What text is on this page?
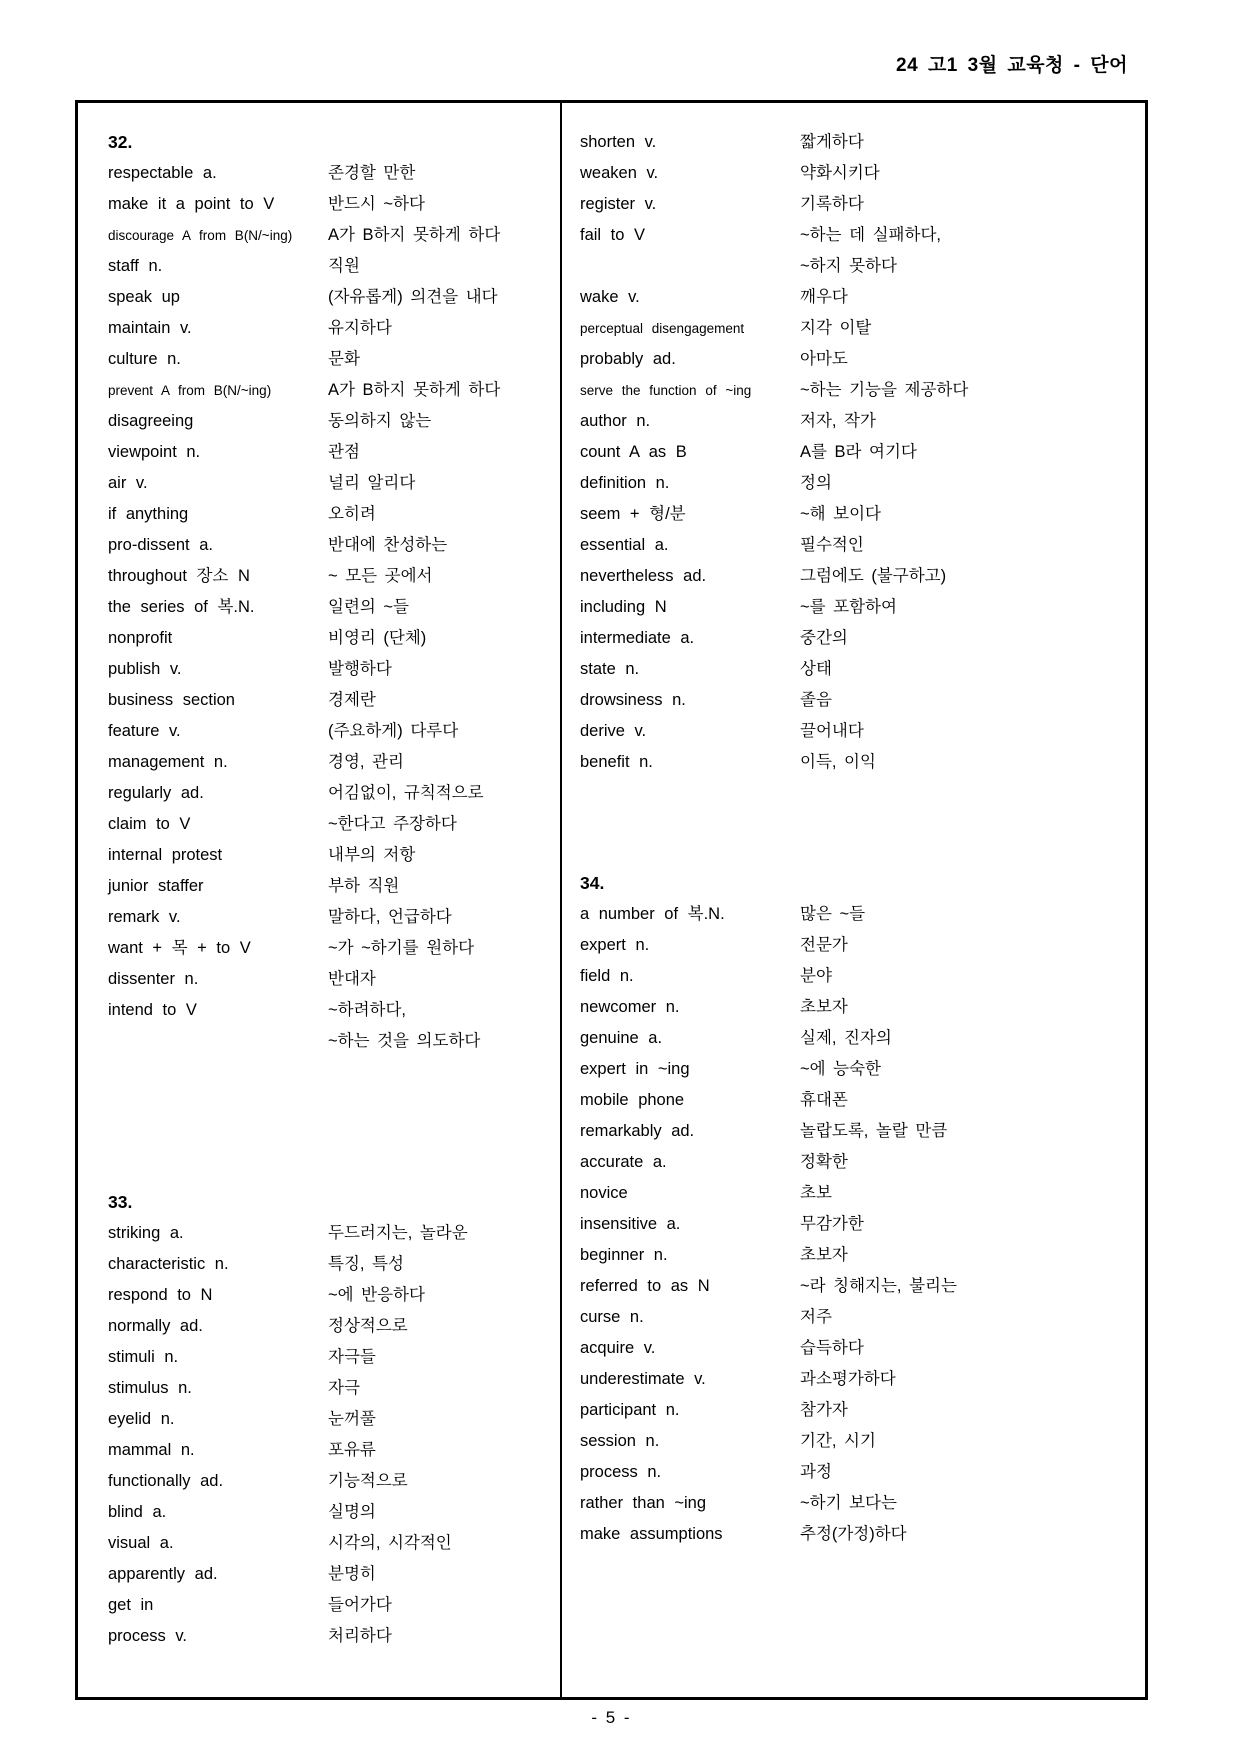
24 고1 3월 교육청 - 단어
32.
respectable a.	존경할 만한
make it a point to V	반드시 ~하다
discourage A from B(N/~ing)	A가 B하지 못하게 하다
staff n.	직원
speak up	(자유롭게) 의견을 내다
maintain v.	유지하다
culture n.	문화
prevent A from B(N/~ing)	A가 B하지 못하게 하다
disagreeing	동의하지 않는
viewpoint n.	관점
air v.	널리 알리다
if anything	오히려
pro-dissent a.	반대에 찬성하는
throughout 장소 N	~ 모든 곳에서
the series of 복.N.	일련의 ~들
nonprofit	비영리 (단체)
publish v.	발행하다
business section	경제란
feature v.	(주요하게) 다루다
management n.	경영, 관리
regularly ad.	어김없이, 규칙적으로
claim to V	~한다고 주장하다
internal protest	내부의 저항
junior staffer	부하 직원
remark v.	말하다, 언급하다
want + 목 + to V	~가 ~하기를 원하다
dissenter n.	반대자
intend to V	~하려하다,
~하는 것을 의도하다
33.
striking a.	두드러지는, 놀라운
characteristic n.	특징, 특성
respond to N	~에 반응하다
normally ad.	정상적으로
stimuli n.	자극들
stimulus n.	자극
eyelid n.	눈꺼풀
mammal n.	포유류
functionally ad.	기능적으로
blind a.	실명의
visual a.	시각의, 시각적인
apparently ad.	분명히
get in	들어가다
process v.	처리하다
shorten v.	짧게하다
weaken v.	약화시키다
register v.	기록하다
fail to V	~하는 데 실패하다,
~하지 못하다
wake v.	깨우다
perceptual disengagement	지각 이탈
probably ad.	아마도
serve the function of ~ing	~하는 기능을 제공하다
author n.	저자, 작가
count A as B	A를 B라 여기다
definition n.	정의
seem + 형/분	~해 보이다
essential a.	필수적인
nevertheless ad.	그럼에도 (불구하고)
including N	~를 포함하여
intermediate a.	중간의
state n.	상태
drowsiness n.	졸음
derive v.	끌어내다
benefit n.	이득, 이익
34.
a number of 복.N.	많은 ~들
expert n.	전문가
field n.	분야
newcomer n.	초보자
genuine a.	실제, 진자의
expert in ~ing	~에 능숙한
mobile phone	휴대폰
remarkably ad.	놀랍도록, 놀랄 만큼
accurate a.	정확한
novice	초보
insensitive a.	무감가한
beginner n.	초보자
referred to as N	~라 칭해지는, 불리는
curse n.	저주
acquire v.	습득하다
underestimate v.	과소평가하다
participant n.	참가자
session n.	기간, 시기
process n.	과정
rather than ~ing	~하기 보다는
make assumptions	추정(가정)하다
- 5 -
